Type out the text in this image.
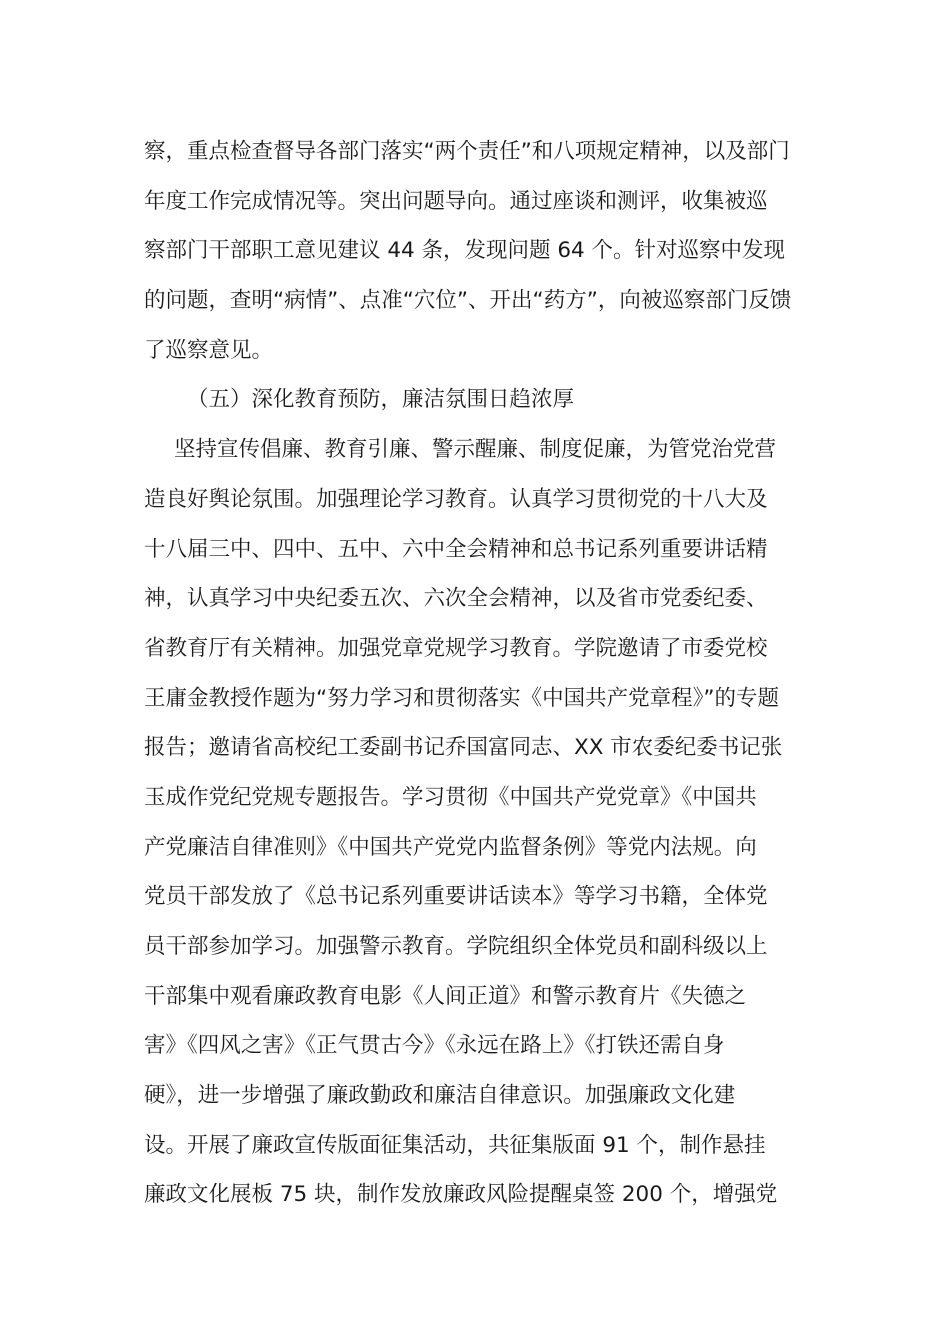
察，重点检查督导各部门落实“两个责任”和八项规定精神，以及部门

年度工作完成情况等。突出问题导向。通过座谈和测评，收集被巡

察部门干部职工意见建议 44 条，发现问题 64 个。针对巡察中发现

的问题，查明“病情”、点准“穴位”、开出“药方”，向被巡察部门反馈

了巡察意见。

（五）深化教育预防，廉洁氛围日趋浓厚

坚持宣传倡廉、教育引廉、警示醒廉、制度促廉，为管党治党营

造良好舆论氛围。加强理论学习教育。认真学习贯彻党的十八大及

十八届三中、四中、五中、六中全会精神和总书记系列重要讲话精

神，认真学习中央纪委五次、六次全会精神，以及省市党委纪委、

省教育厅有关精神。加强党章党规学习教育。学院邀请了市委党校

王庸金教授作题为“努力学习和贯彻落实《中国共产党章程》”的专题

报告；邀请省高校纪工委副书记乔国富同志、XX 市农委纪委书记张

玉成作党纪党规专题报告。学习贯彻《中国共产党党章》《中国共

产党廉洁自律准则》《中国共产党党内监督条例》等党内法规。向

党员干部发放了《总书记系列重要讲话读本》等学习书籍，全体党

员干部参加学习。加强警示教育。学院组织全体党员和副科级以上

干部集中观看廉政教育电影《人间正道》和警示教育片《失德之

害》《四风之害》《正气贯古今》《永远在路上》《打铁还需自身

硬》，进一步增强了廉政勤政和廉洁自律意识。加强廉政文化建

设。开展了廉政宣传版面征集活动，共征集版面 91 个，制作悬挂

廉政文化展板 75 块，制作发放廉政风险提醒桌签 200 个，增强党
